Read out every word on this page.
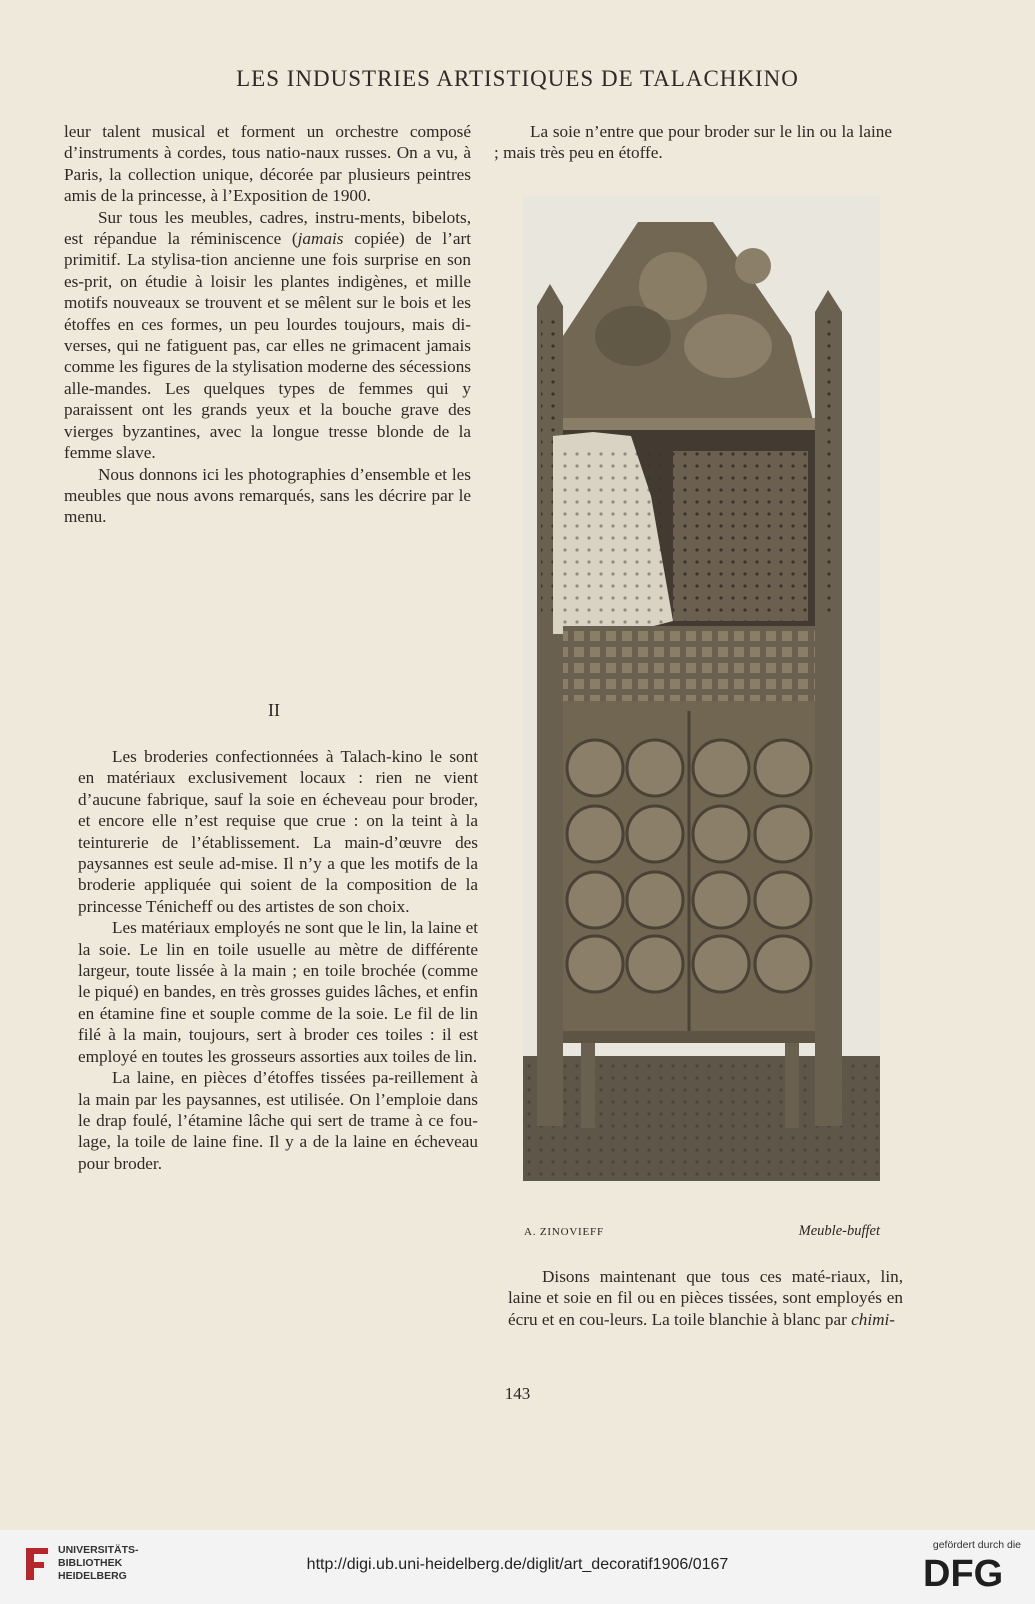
LES INDUSTRIES ARTISTIQUES DE TALACHKINO

leur talent musical et forment un orchestre composé d’instruments à cordes, tous natio-naux russes. On a vu, à Paris, la collection unique, décorée par plusieurs peintres amis de la princesse, à l’Exposition de 1900.

Sur tous les meubles, cadres, instru-ments, bibelots, est répandue la réminiscence (jamais copiée) de l’art primitif. La stylisa-tion ancienne une fois surprise en son es-prit, on étudie à loisir les plantes indigènes, et mille motifs nouveaux se trouvent et se mêlent sur le bois et les étoffes en ces formes, un peu lourdes toujours, mais di-verses, qui ne fatiguent pas, car elles ne grimacent jamais comme les figures de la stylisation moderne des sécessions alle-mandes. Les quelques types de femmes qui y paraissent ont les grands yeux et la bouche grave des vierges byzantines, avec la longue tresse blonde de la femme slave.

Nous donnons ici les photographies d’ensemble et les meubles que nous avons remarqués, sans les décrire par le menu.

II

Les broderies confectionnées à Talach-kino le sont en matériaux exclusivement locaux : rien ne vient d’aucune fabrique, sauf la soie en écheveau pour broder, et encore elle n’est requise que crue : on la teint à la teinturerie de l’établissement. La main-d’œuvre des paysannes est seule ad-mise. Il n’y a que les motifs de la broderie appliquée qui soient de la composition de la princesse Ténicheff ou des artistes de son choix.

Les matériaux employés ne sont que le lin, la laine et la soie. Le lin en toile usuelle au mètre de différente largeur, toute lissée à la main ; en toile brochée (comme le piqué) en bandes, en très grosses guides lâches, et enfin en étamine fine et souple comme de la soie. Le fil de lin filé à la main, toujours, sert à broder ces toiles : il est employé en toutes les grosseurs assorties aux toiles de lin.

La laine, en pièces d’étoffes tissées pa-reillement à la main par les paysannes, est utilisée. On l’emploie dans le drap foulé, l’étamine lâche qui sert de trame à ce fou-lage, la toile de laine fine. Il y a de la laine en écheveau pour broder.

La soie n’entre que pour broder sur le lin ou la laine ; mais très peu en étoffe.

A. ZINOVIEFF	Meuble-buffet

Disons maintenant que tous ces maté-riaux, lin, laine et soie en fil ou en pièces tissées, sont employés en écru et en cou-leurs. La toile blanchie à blanc par chimi-

143
UNIVERSITÄTS-
BIBLIOTHEK
HEIDELBERG
http://digi.ub.uni-heidelberg.de/diglit/art_decoratif1906/0167
gefördert durch die
DFG
